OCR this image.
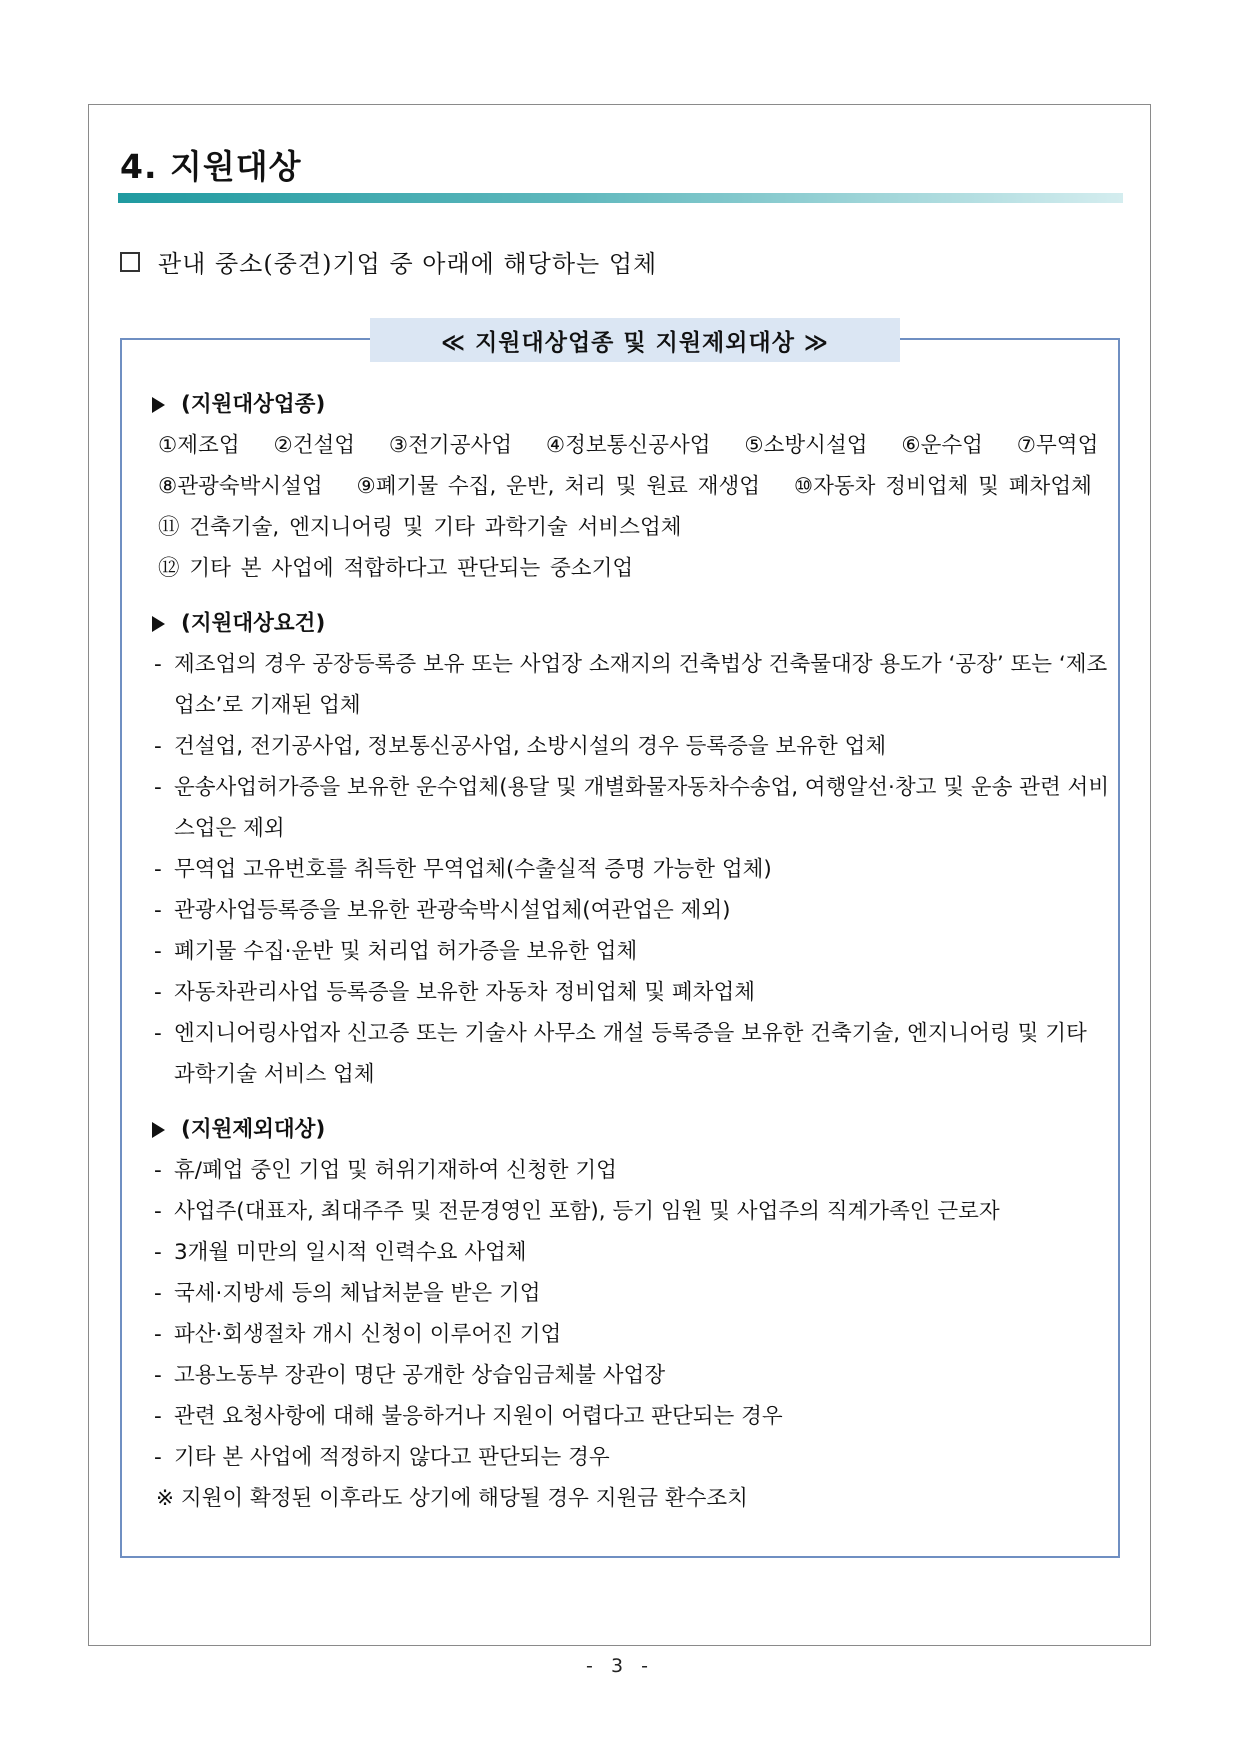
4. 지원대상
관내 중소(중견)기업 중 아래에 해당하는 업체
≪ 지원대상업종 및 지원제외대상 ≫
(지원대상업종)
①제조업 ②건설업 ③전기공사업 ④정보통신공사업 ⑤소방시설업 ⑥운수업 ⑦무역업
⑧관광숙박시설업 ⑨폐기물 수집, 운반, 처리 및 원료 재생업 ⑩자동차 정비업체 및 폐차업체
⑪ 건축기술, 엔지니어링 및 기타 과학기술 서비스업체
⑫ 기타 본 사업에 적합하다고 판단되는 중소기업
(지원대상요건)
- 제조업의 경우 공장등록증 보유 또는 사업장 소재지의 건축법상 건축물대장 용도가 ‘공장’ 또는 ‘제조업소’로 기재된 업체
- 건설업, 전기공사업, 정보통신공사업, 소방시설의 경우 등록증을 보유한 업체
- 운송사업허가증을 보유한 운수업체(용달 및 개별화물자동차수송업, 여행알선·창고 및 운송 관련 서비스업은 제외
- 무역업 고유번호를 취득한 무역업체(수출실적 증명 가능한 업체)
- 관광사업등록증을 보유한 관광숙박시설업체(여관업은 제외)
- 폐기물 수집·운반 및 처리업 허가증을 보유한 업체
- 자동차관리사업 등록증을 보유한 자동차 정비업체 및 폐차업체
- 엔지니어링사업자 신고증 또는 기술사 사무소 개설 등록증을 보유한 건축기술, 엔지니어링 및 기타 과학기술 서비스 업체
(지원제외대상)
- 휴/폐업 중인 기업 및 허위기재하여 신청한 기업
- 사업주(대표자, 최대주주 및 전문경영인 포함), 등기 임원 및 사업주의 직계가족인 근로자
- 3개월 미만의 일시적 인력수요 사업체
- 국세·지방세 등의 체납처분을 받은 기업
- 파산·회생절차 개시 신청이 이루어진 기업
- 고용노동부 장관이 명단 공개한 상습임금체불 사업장
- 관련 요청사항에 대해 불응하거나 지원이 어렵다고 판단되는 경우
- 기타 본 사업에 적정하지 않다고 판단되는 경우
※ 지원이 확정된 이후라도 상기에 해당될 경우 지원금 환수조치
- 3 -
